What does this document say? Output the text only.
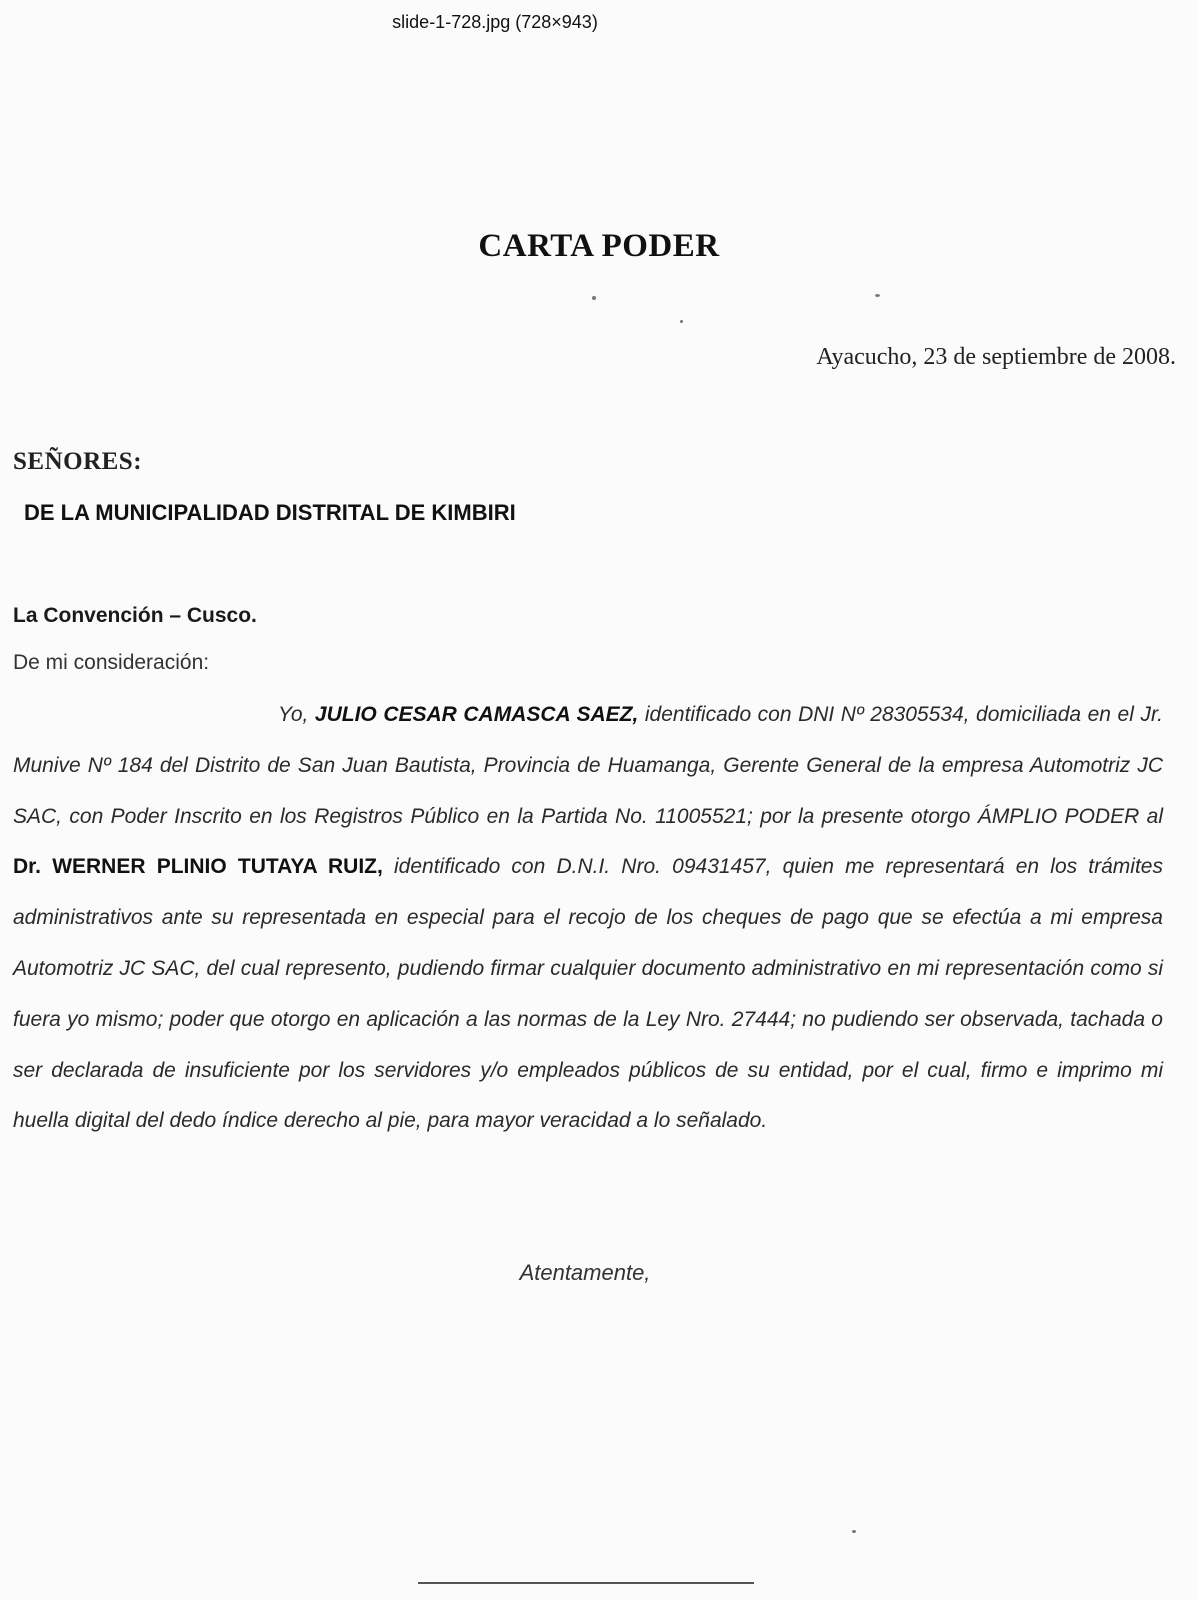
slide-1-728.jpg (728×943)
CARTA PODER
Ayacucho, 23 de septiembre de 2008.
SEÑORES:
DE LA MUNICIPALIDAD DISTRITAL DE KIMBIRI
La Convención – Cusco.
De mi consideración:
Yo, JULIO CESAR CAMASCA SAEZ, identificado con DNI Nº 28305534, domiciliada en el Jr. Munive Nº 184 del Distrito de San Juan Bautista, Provincia de Huamanga, Gerente General de la empresa Automotriz JC SAC, con Poder Inscrito en los Registros Público en la Partida No. 11005521; por la presente otorgo ÁMPLIO PODER al Dr. WERNER PLINIO TUTAYA RUIZ, identificado con D.N.I. Nro. 09431457, quien me representará en los trámites administrativos ante su representada en especial para el recojo de los cheques de pago que se efectúa a mi empresa Automotriz JC SAC, del cual represento, pudiendo firmar cualquier documento administrativo en mi representación como si fuera yo mismo; poder que otorgo en aplicación a las normas de la Ley Nro. 27444; no pudiendo ser observada, tachada o ser declarada de insuficiente por los servidores y/o empleados públicos de su entidad, por el cual, firmo e imprimo mi huella digital del dedo índice derecho al pie, para mayor veracidad a lo señalado.
Atentamente,
